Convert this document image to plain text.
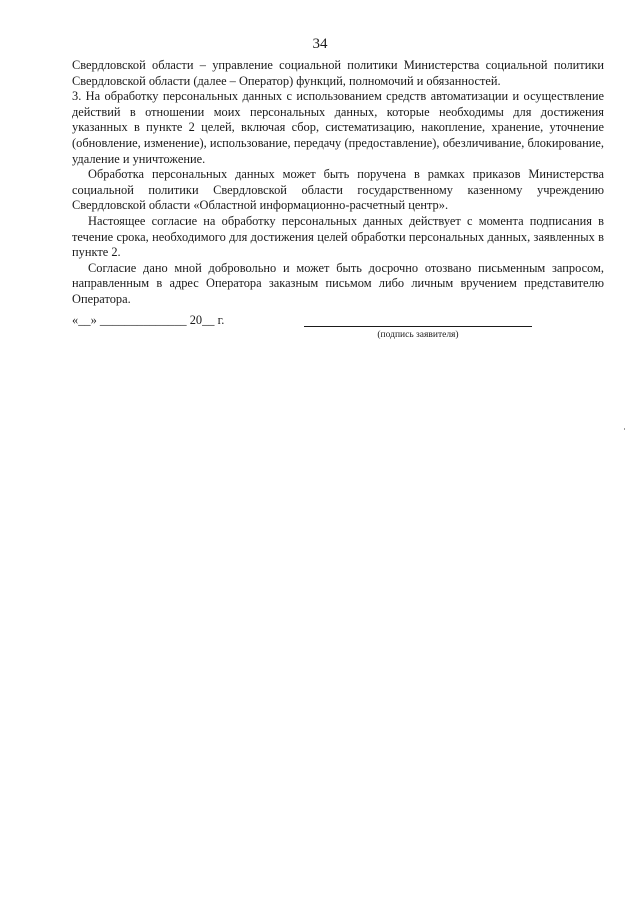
34

Свердловской области – управление социальной политики Министерства социальной политики Свердловской области (далее – Оператор) функций, полномочий и обязанностей.

3. На обработку персональных данных с использованием средств автоматизации и осуществление действий в отношении моих персональных данных, которые необходимы для достижения указанных в пункте 2 целей, включая сбор, систематизацию, накопление, хранение, уточнение (обновление, изменение), использование, передачу (предоставление), обезличивание, блокирование, удаление и уничтожение.

Обработка персональных данных может быть поручена в рамках приказов Министерства социальной политики Свердловской области государственному казенному учреждению Свердловской области «Областной информационно-расчетный центр».

Настоящее согласие на обработку персональных данных действует с момента подписания в течение срока, необходимого для достижения целей обработки персональных данных, заявленных в пункте 2.

Согласие дано мной добровольно и может быть досрочно отозвано письменным запросом, направленным в адрес Оператора заказным письмом либо личным вручением представителю Оператора.

«__» ______________ 20__ г.
(подпись заявителя)
